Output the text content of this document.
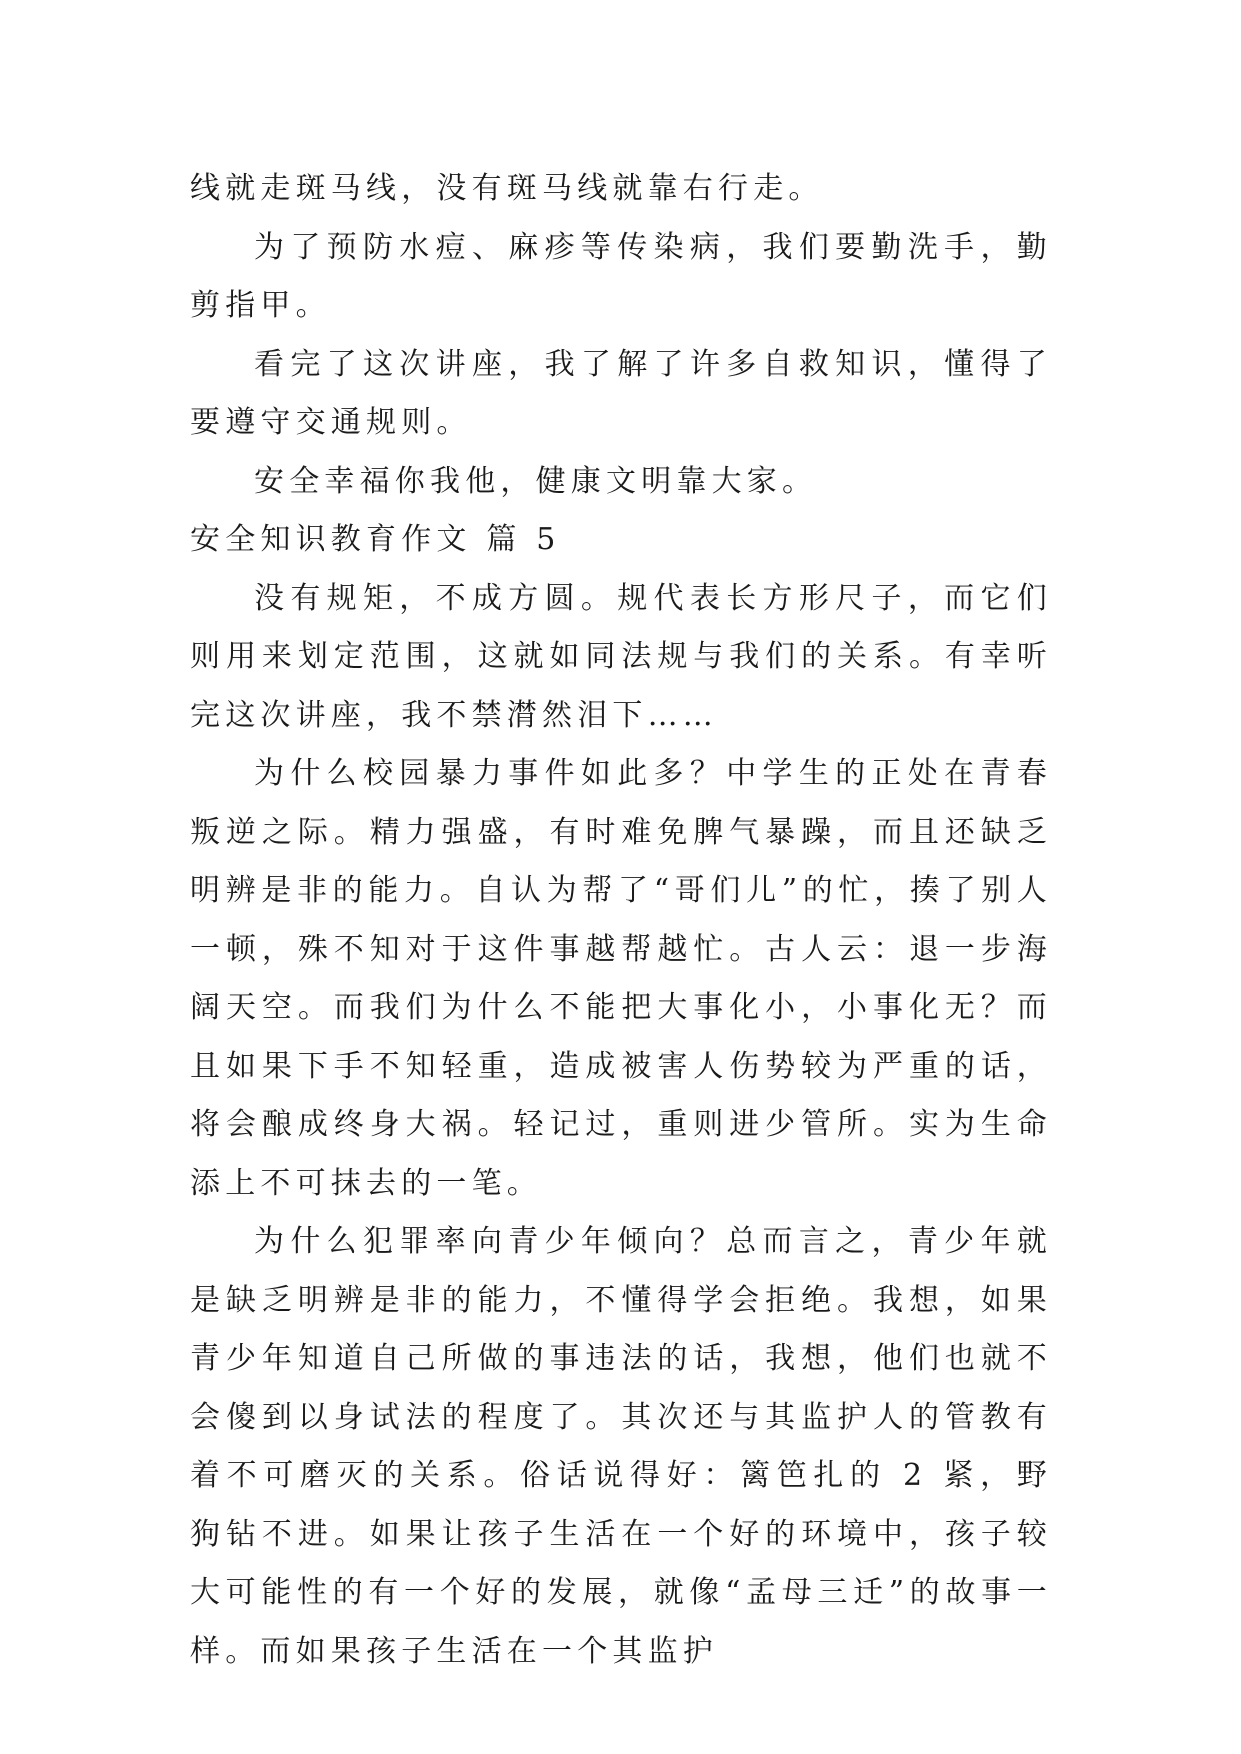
线就走斑马线，没有斑马线就靠右行走。

为了预防水痘、麻疹等传染病，我们要勤洗手，勤剪指甲。

看完了这次讲座，我了解了许多自救知识，懂得了要遵守交通规则。

安全幸福你我他，健康文明靠大家。

安全知识教育作文 篇 5

没有规矩，不成方圆。规代表长方形尺子，而它们则用来划定范围，这就如同法规与我们的关系。有幸听完这次讲座，我不禁潸然泪下……

为什么校园暴力事件如此多？中学生的正处在青春叛逆之际。精力强盛，有时难免脾气暴躁，而且还缺乏明辨是非的能力。自认为帮了“哥们儿”的忙，揍了别人一顿，殊不知对于这件事越帮越忙。古人云：退一步海阔天空。而我们为什么不能把大事化小，小事化无？而且如果下手不知轻重，造成被害人伤势较为严重的话，将会酿成终身大祸。轻记过，重则进少管所。实为生命添上不可抹去的一笔。

为什么犯罪率向青少年倾向？总而言之，青少年就是缺乏明辨是非的能力，不懂得学会拒绝。我想，如果青少年知道自己所做的事违法的话，我想，他们也就不会傻到以身试法的程度了。其次还与其监护人的管教有着不可磨灭的关系。俗话说得好：篱笆扎的 2 紧，野狗钻不进。如果让孩子生活在一个好的环境中，孩子较大可能性的有一个好的发展，就像“孟母三迁”的故事一样。而如果孩子生活在一个其监护
